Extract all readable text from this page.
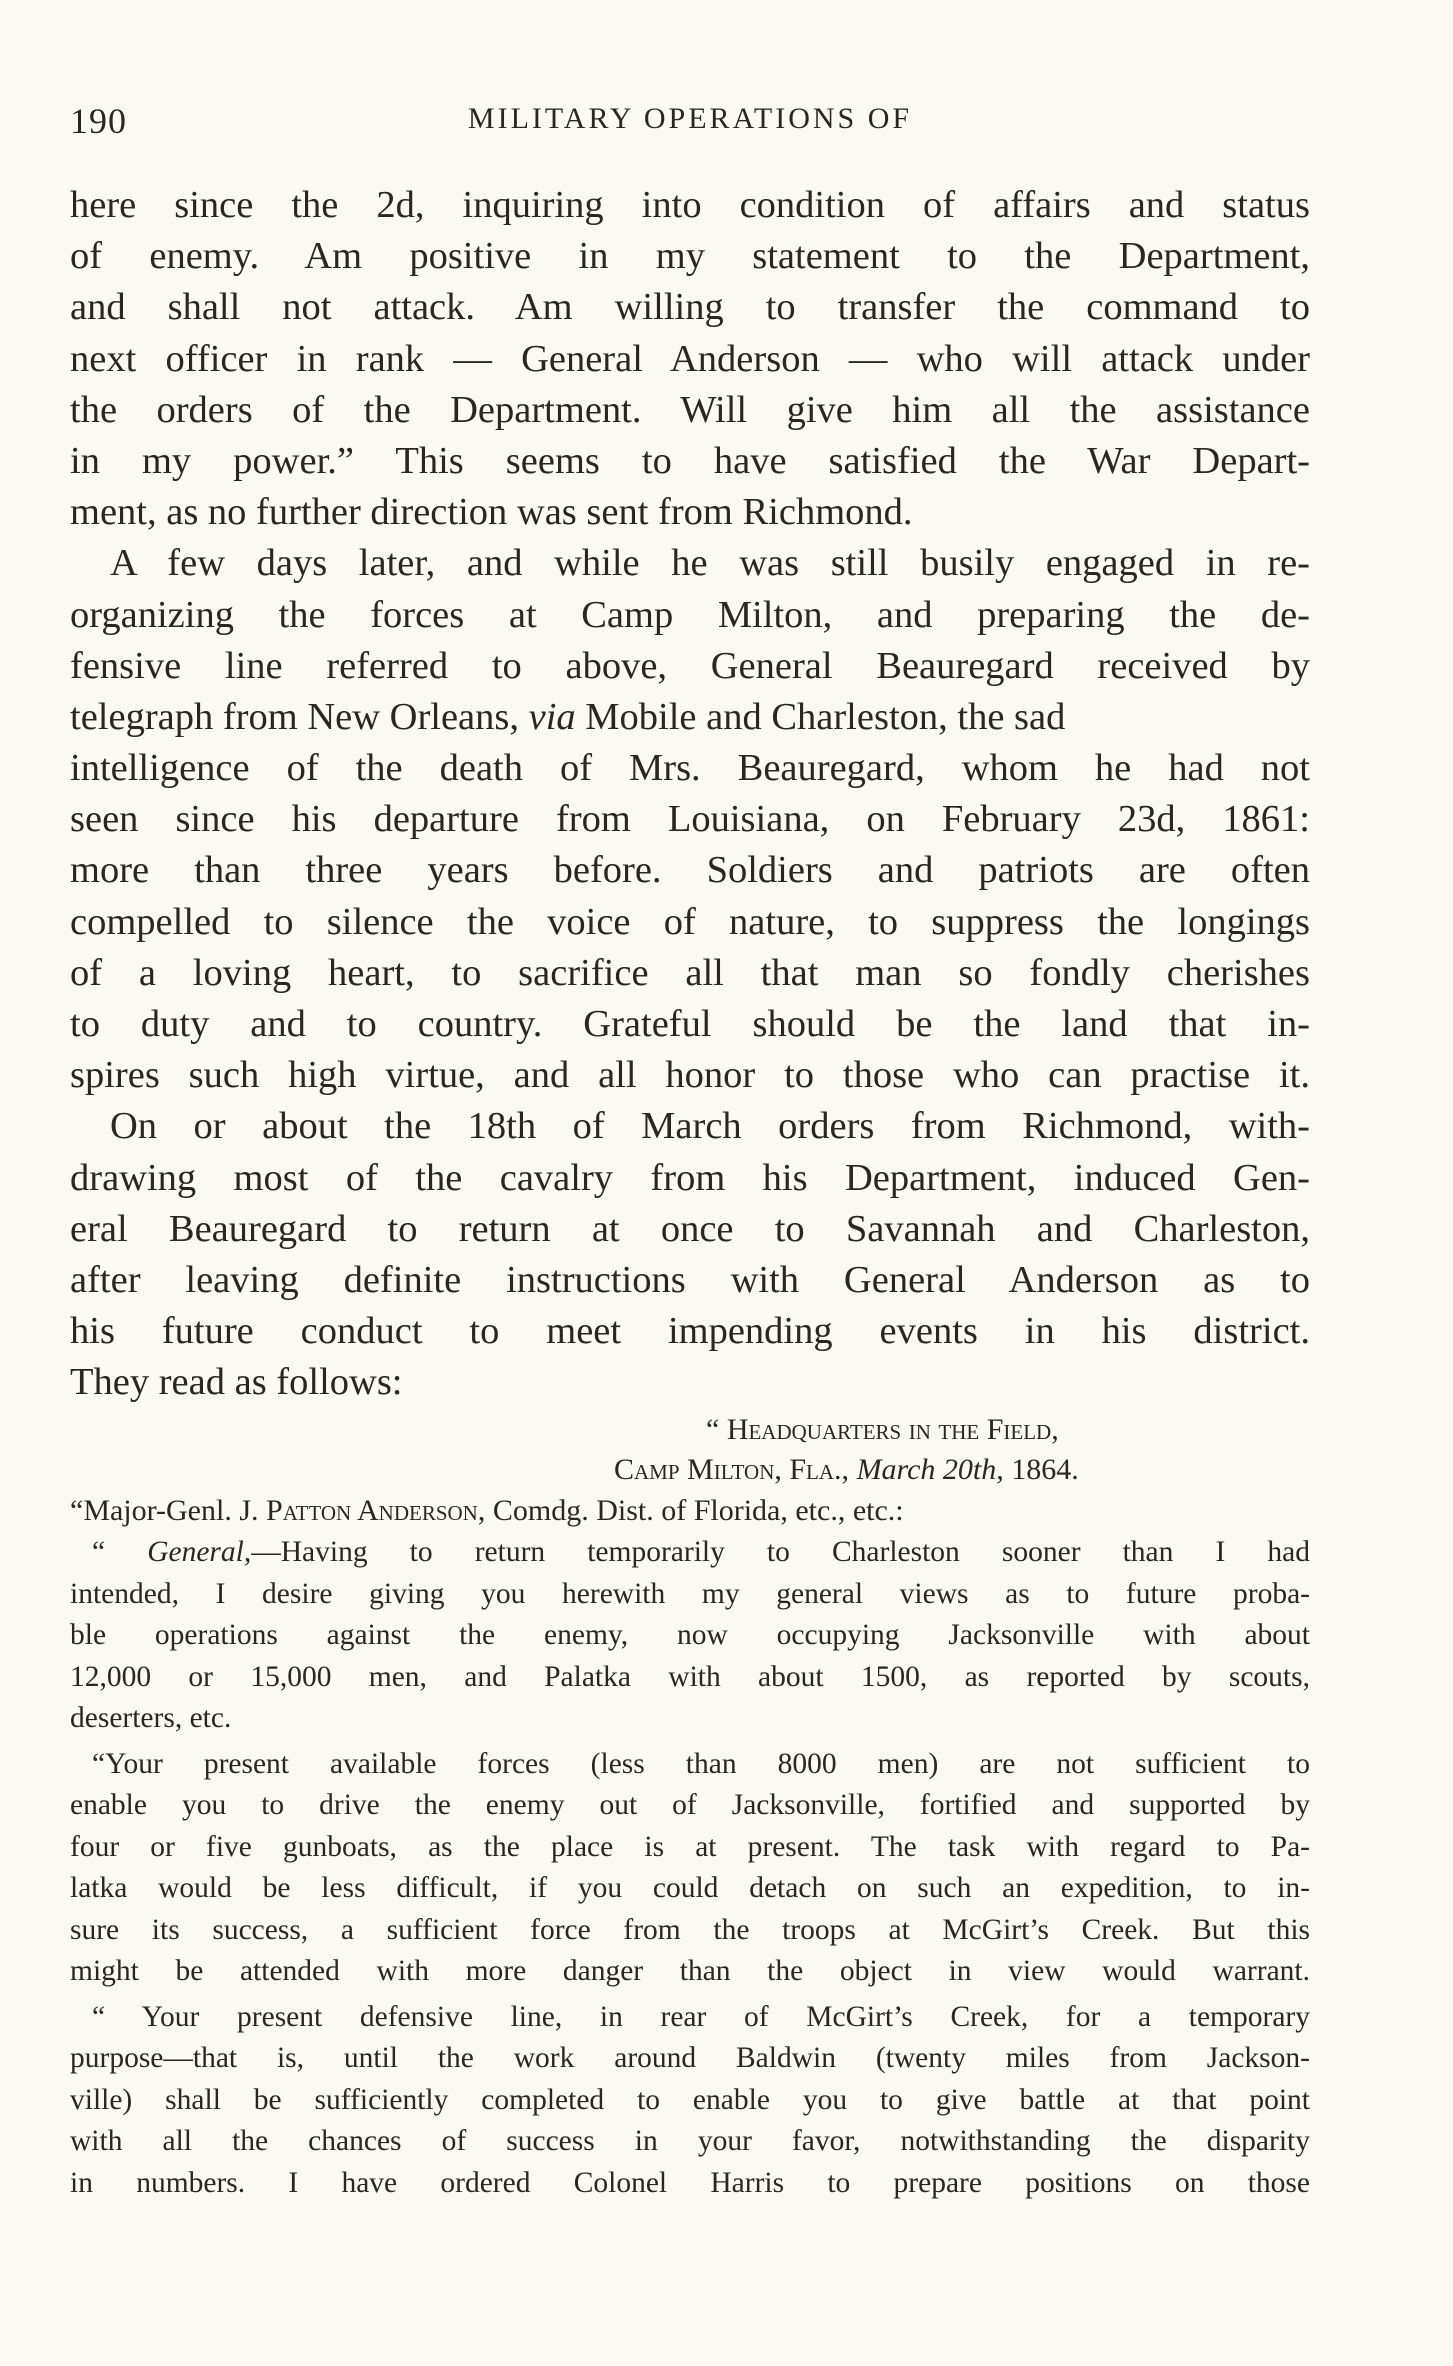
190	MILITARY OPERATIONS OF
here since the 2d, inquiring into condition of affairs and status
of enemy. Am positive in my statement to the Department,
and shall not attack. Am willing to transfer the command to
next officer in rank — General Anderson — who will attack under
the orders of the Department. Will give him all the assistance
in my power.” This seems to have satisfied the War Depart-
ment, as no further direction was sent from Richmond.
A few days later, and while he was still busily engaged in re-
organizing the forces at Camp Milton, and preparing the de-
fensive line referred to above, General Beauregard received by
telegraph from New Orleans, via Mobile and Charleston, the sad
intelligence of the death of Mrs. Beauregard, whom he had not
seen since his departure from Louisiana, on February 23d, 1861:
more than three years before. Soldiers and patriots are often
compelled to silence the voice of nature, to suppress the longings
of a loving heart, to sacrifice all that man so fondly cherishes
to duty and to country. Grateful should be the land that in-
spires such high virtue, and all honor to those who can practise it.
On or about the 18th of March orders from Richmond, with-
drawing most of the cavalry from his Department, induced Gen-
eral Beauregard to return at once to Savannah and Charleston,
after leaving definite instructions with General Anderson as to
his future conduct to meet impending events in his district.
They read as follows:
“ Headquarters in the Field,
Camp Milton, Fla., March 20th, 1864.
“Major-Genl. J. Patton Anderson, Comdg. Dist. of Florida, etc., etc.:
“ General,—Having to return temporarily to Charleston sooner than I had
intended, I desire giving you herewith my general views as to future proba-
ble operations against the enemy, now occupying Jacksonville with about
12,000 or 15,000 men, and Palatka with about 1500, as reported by scouts,
deserters, etc.
“Your present available forces (less than 8000 men) are not sufficient to
enable you to drive the enemy out of Jacksonville, fortified and supported by
four or five gunboats, as the place is at present. The task with regard to Pa-
latka would be less difficult, if you could detach on such an expedition, to in-
sure its success, a sufficient force from the troops at McGirt’s Creek. But this
might be attended with more danger than the object in view would warrant.
“ Your present defensive line, in rear of McGirt’s Creek, for a temporary
purpose—that is, until the work around Baldwin (twenty miles from Jackson-
ville) shall be sufficiently completed to enable you to give battle at that point
with all the chances of success in your favor, notwithstanding the disparity
in numbers. I have ordered Colonel Harris to prepare positions on those
